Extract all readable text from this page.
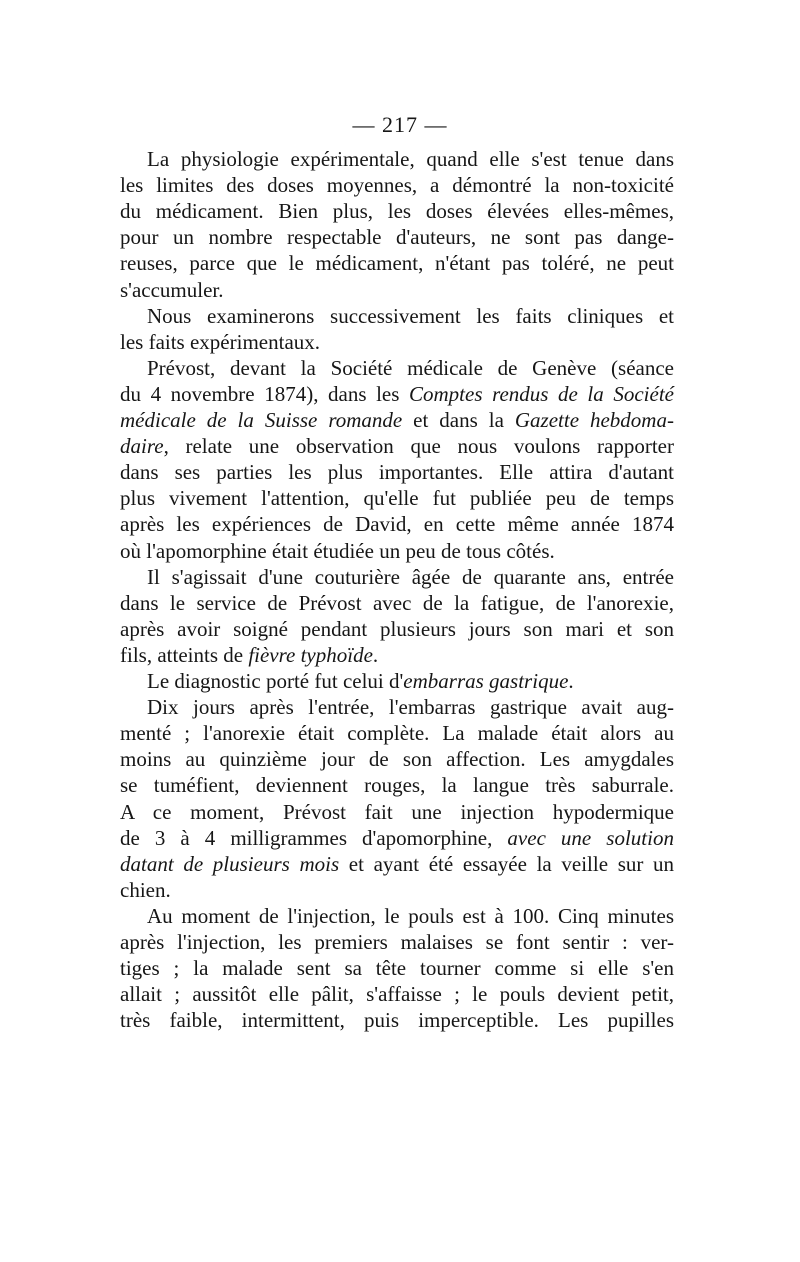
— 217 —
La physiologie expérimentale, quand elle s'est tenue dans
les limites des doses moyennes, a démontré la non-toxicité
du médicament. Bien plus, les doses élevées elles-mêmes,
pour un nombre respectable d'auteurs, ne sont pas dange-
reuses, parce que le médicament, n'étant pas toléré, ne peut
s'accumuler.
Nous examinerons successivement les faits cliniques et
les faits expérimentaux.
Prévost, devant la Société médicale de Genève (séance
du 4 novembre 1874), dans les Comptes rendus de la Société
médicale de la Suisse romande et dans la Gazette hebdoma-
daire, relate une observation que nous voulons rapporter
dans ses parties les plus importantes. Elle attira d'autant
plus vivement l'attention, qu'elle fut publiée peu de temps
après les expériences de David, en cette même année 1874
où l'apomorphine était étudiée un peu de tous côtés.
Il s'agissait d'une couturière âgée de quarante ans, entrée
dans le service de Prévost avec de la fatigue, de l'anorexie,
après avoir soigné pendant plusieurs jours son mari et son
fils, atteints de fièvre typhoïde.
Le diagnostic porté fut celui d'embarras gastrique.
Dix jours après l'entrée, l'embarras gastrique avait aug-
menté ; l'anorexie était complète. La malade était alors au
moins au quinzième jour de son affection. Les amygdales
se tuméfient, deviennent rouges, la langue très saburrale.
A ce moment, Prévost fait une injection hypodermique
de 3 à 4 milligrammes d'apomorphine, avec une solution
datant de plusieurs mois et ayant été essayée la veille sur un
chien.
Au moment de l'injection, le pouls est à 100. Cinq minutes
après l'injection, les premiers malaises se font sentir : ver-
tiges ; la malade sent sa tête tourner comme si elle s'en
allait ; aussitôt elle pâlit, s'affaisse ; le pouls devient petit,
très faible, intermittent, puis imperceptible. Les pupilles
